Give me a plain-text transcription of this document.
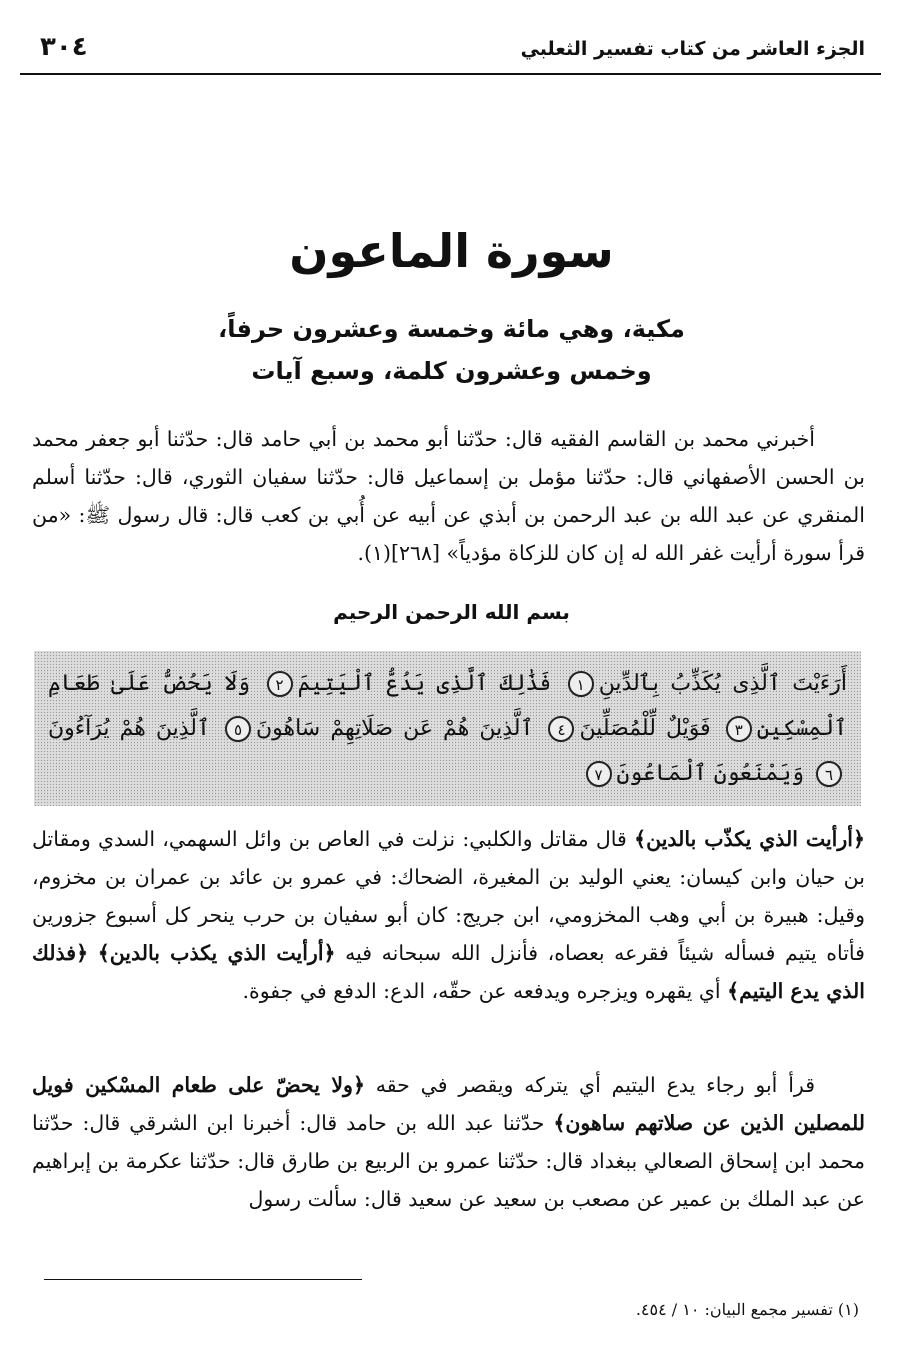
الجزء العاشر من كتاب تفسير الثعلبي
٣٠٤
سورة الماعون
مكية، وهي مائة وخمسة وعشرون حرفاً،
وخمس وعشرون كلمة، وسبع آيات
أخبرني محمد بن القاسم الفقيه قال: حدّثنا أبو محمد بن أبي حامد قال: حدّثنا أبو جعفر محمد بن الحسن الأصفهاني قال: حدّثنا مؤمل بن إسماعيل قال: حدّثنا سفيان الثوري، قال: حدّثنا أسلم المنقري عن عبد الله بن عبد الرحمن بن أبذي عن أبيه عن أُبي بن كعب قال: قال رسول ﷺ: «من قرأ سورة أرأيت غفر الله له إن كان للزكاة مؤدياً» [٢٦٨](١).
بسم الله الرحمن الرحيم
أَرَءَيْتَ ٱلَّذِى يُكَذِّبُ بِٱلدِّينِ١ فَذَٰلِكَ ٱلَّذِى يَدُعُّ ٱلْيَتِيمَ٢ وَلَا يَحُضُّ عَلَىٰ طَعَامِ ٱلْمِسْكِينِ٣ فَوَيْلٌ لِّلْمُصَلِّينَ٤ ٱلَّذِينَ هُمْ عَن صَلَاتِهِمْ سَاهُونَ٥ ٱلَّذِينَ هُمْ يُرَآءُونَ٦ وَيَمْنَعُونَ ٱلْمَاعُونَ٧
﴿أرأيت الذي يكذّب بالدين﴾ قال مقاتل والكلبي: نزلت في العاص بن وائل السهمي، السدي ومقاتل بن حيان وابن كيسان: يعني الوليد بن المغيرة، الضحاك: في عمرو بن عائد بن عمران بن مخزوم، وقيل: هبيرة بن أبي وهب المخزومي، ابن جريج: كان أبو سفيان بن حرب ينحر كل أسبوع جزورين فأتاه يتيم فسأله شيئاً فقرعه بعصاه، فأنزل الله سبحانه فيه ﴿أرأيت الذي يكذب بالدين﴾ ﴿فذلك الذي يدع اليتيم﴾ أي يقهره ويزجره ويدفعه عن حقّه، الدع: الدفع في جفوة.
قرأ أبو رجاء يدع اليتيم أي يتركه ويقصر في حقه ﴿ولا يحضّ على طعام المسْكين فويل للمصلين الذين عن صلاتهم ساهون﴾ حدّثنا عبد الله بن حامد قال: أخبرنا ابن الشرقي قال: حدّثنا محمد ابن إسحاق الصعالي ببغداد قال: حدّثنا عمرو بن الربيع بن طارق قال: حدّثنا عكرمة بن إبراهيم عن عبد الملك بن عمير عن مصعب بن سعيد عن سعيد قال: سألت رسول
(١) تفسير مجمع البيان: ١٠ / ٤٥٤.
